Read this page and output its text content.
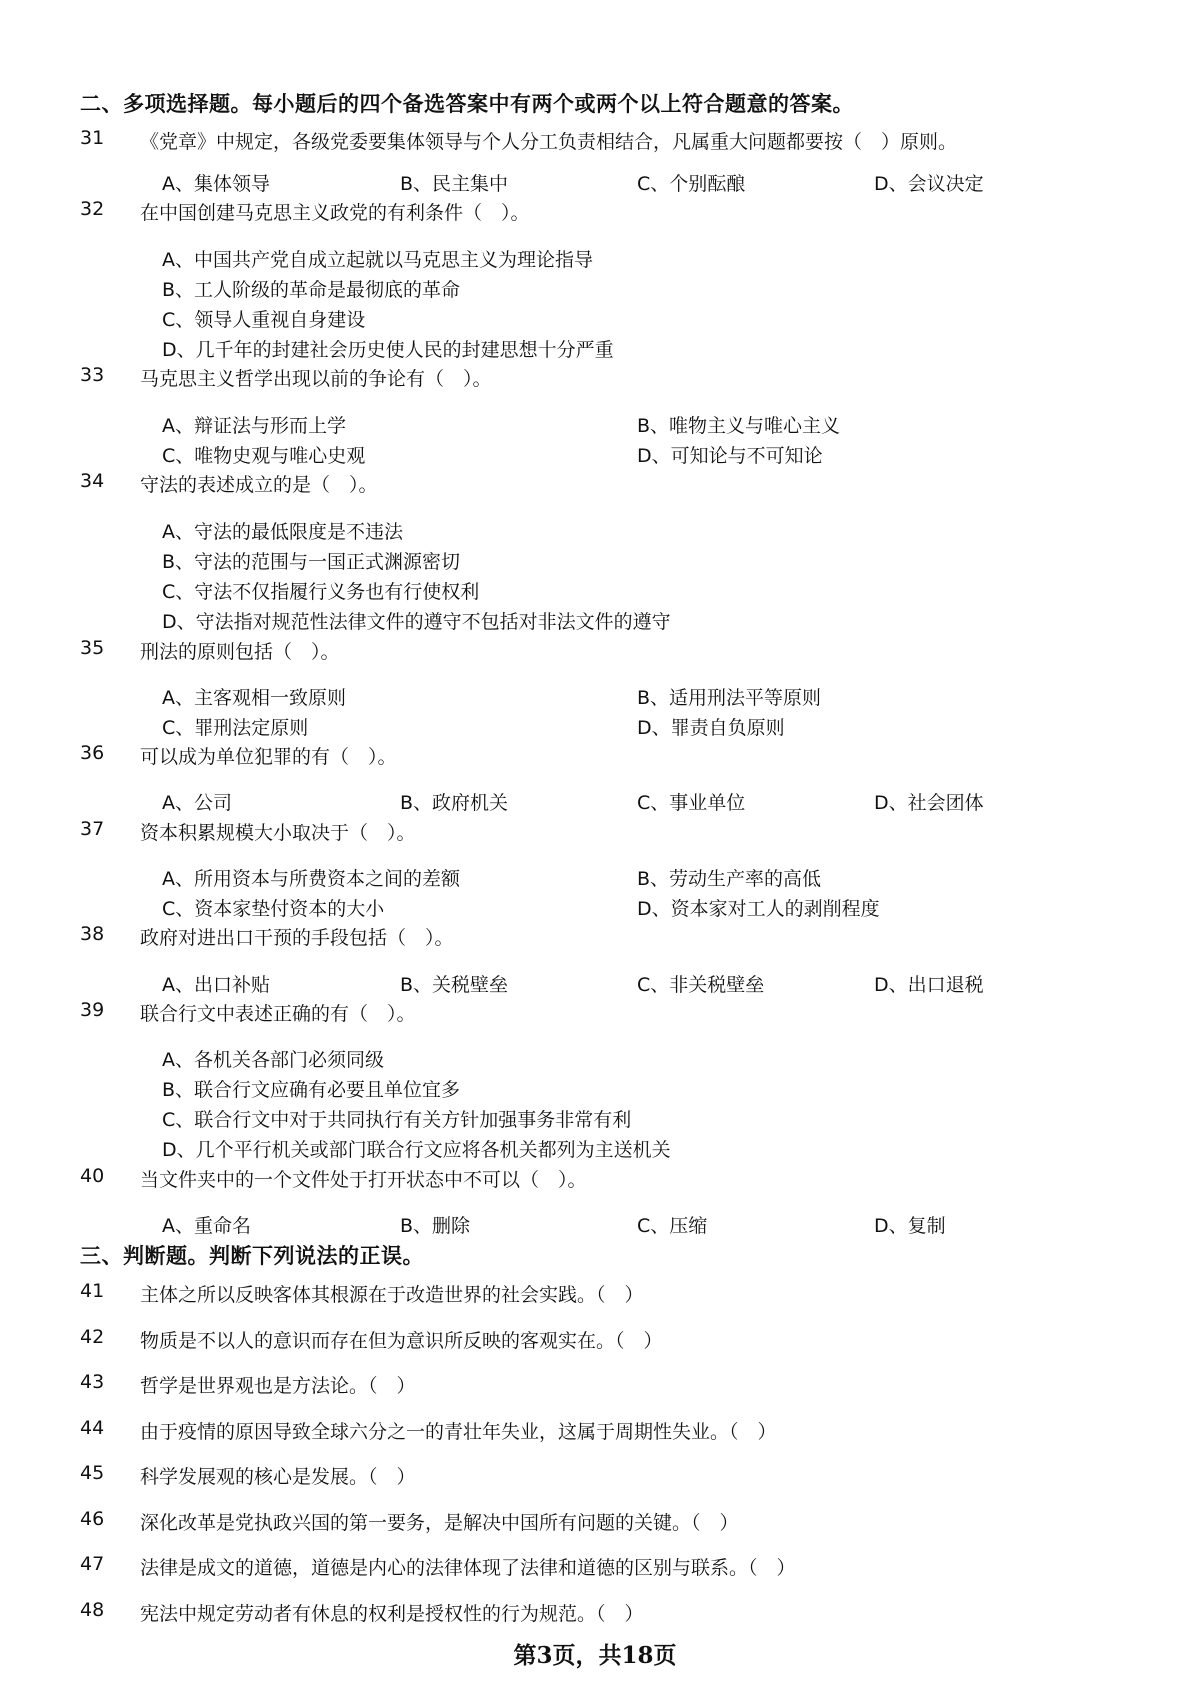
二、多项选择题。每小题后的四个备选答案中有两个或两个以上符合题意的答案。
31	《党章》中规定，各级党委要集体领导与个人分工负责相结合，凡属重大问题都要按（　）原则。
A、集体领导	B、民主集中	C、个别酝酿	D、会议决定
32	在中国创建马克思主义政党的有利条件（　）。
A、中国共产党自成立起就以马克思主义为理论指导
B、工人阶级的革命是最彻底的革命
C、领导人重视自身建设
D、几千年的封建社会历史使人民的封建思想十分严重
33	马克思主义哲学出现以前的争论有（　）。
A、辩证法与形而上学	B、唯物主义与唯心主义
C、唯物史观与唯心史观	D、可知论与不可知论
34	守法的表述成立的是（　）。
A、守法的最低限度是不违法
B、守法的范围与一国正式渊源密切
C、守法不仅指履行义务也有行使权利
D、守法指对规范性法律文件的遵守不包括对非法文件的遵守
35	刑法的原则包括（　）。
A、主客观相一致原则	B、适用刑法平等原则
C、罪刑法定原则	D、罪责自负原则
36	可以成为单位犯罪的有（　）。
A、公司	B、政府机关	C、事业单位	D、社会团体
37	资本积累规模大小取决于（　）。
A、所用资本与所费资本之间的差额	B、劳动生产率的高低
C、资本家垫付资本的大小	D、资本家对工人的剥削程度
38	政府对进出口干预的手段包括（　）。
A、出口补贴	B、关税壁垒	C、非关税壁垒	D、出口退税
39	联合行文中表述正确的有（　）。
A、各机关各部门必须同级
B、联合行文应确有必要且单位宜多
C、联合行文中对于共同执行有关方针加强事务非常有利
D、几个平行机关或部门联合行文应将各机关都列为主送机关
40	当文件夹中的一个文件处于打开状态中不可以（　）。
A、重命名	B、删除	C、压缩	D、复制
三、判断题。判断下列说法的正误。
41	主体之所以反映客体其根源在于改造世界的社会实践。（　）
42	物质是不以人的意识而存在但为意识所反映的客观实在。（　）
43	哲学是世界观也是方法论。（　）
44	由于疫情的原因导致全球六分之一的青壮年失业，这属于周期性失业。（　）
45	科学发展观的核心是发展。（　）
46	深化改革是党执政兴国的第一要务，是解决中国所有问题的关键。（　）
47	法律是成文的道德，道德是内心的法律体现了法律和道德的区别与联系。（　）
48	宪法中规定劳动者有休息的权利是授权性的行为规范。（　）
第3页，共18页
